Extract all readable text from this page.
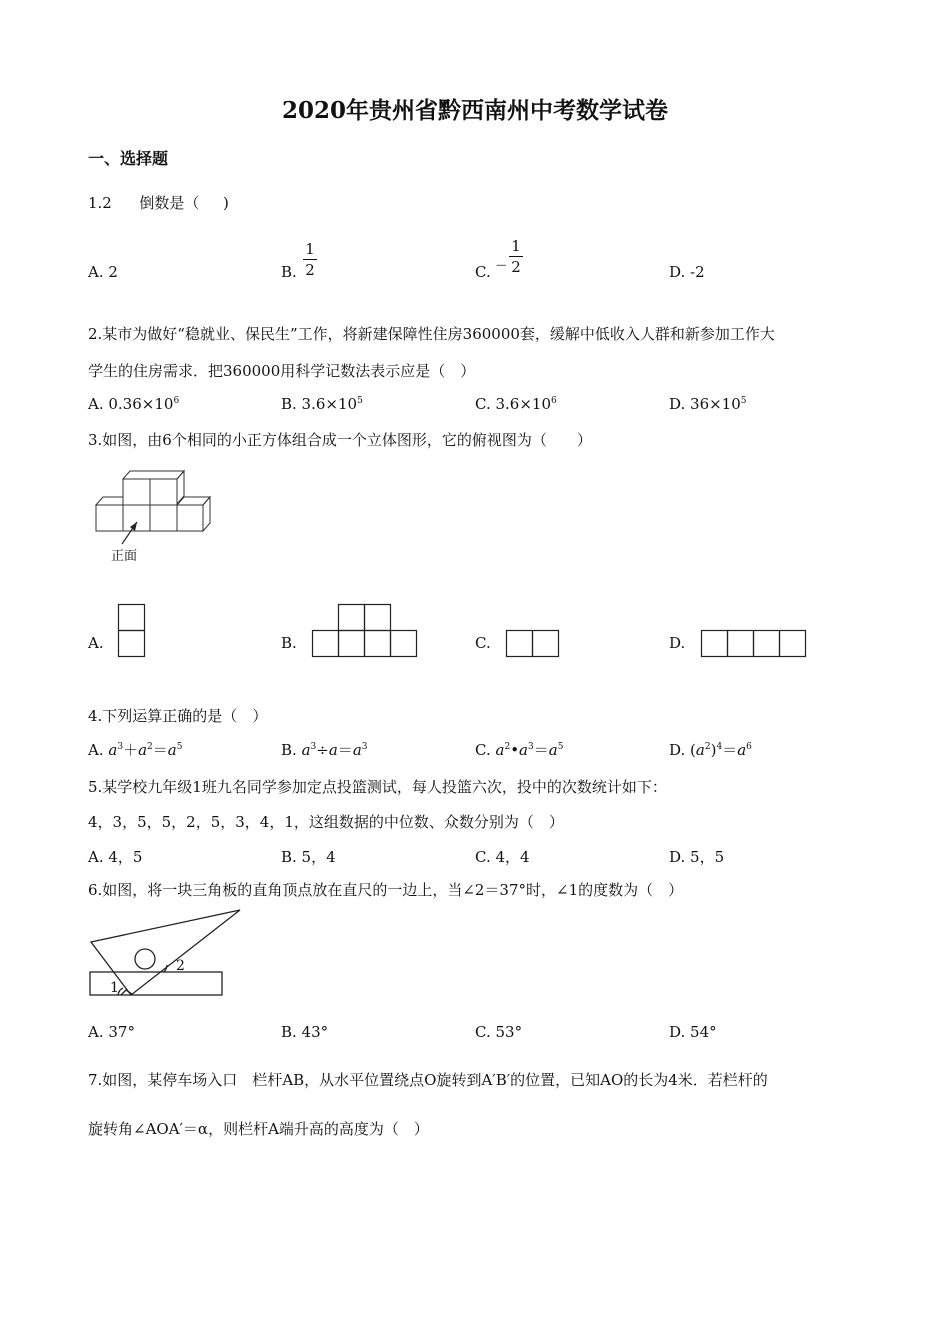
2020年贵州省黔西南州中考数学试卷
一、选择题
1.2 倒数是（ )
A. 2	B.
1
2	C. −
1
2	D. -2
2.某市为做好“稳就业、保民生”工作，将新建保障性住房360000套，缓解中低收入人群和新参加工作大
学生的住房需求．把360000用科学记数法表示应是（　）
A. $0.36\times 10^6$	B. $3.6\times 10^5$	C. $3.6\times 10^6$	D. $36\times 10^5$
3.如图，由6个相同的小正方体组合成一个立体图形，它的俯视图为（　　）
正面
A.	B.	C.	D.
4.下列运算正确的是（　）
A. $a^3+a^2=a^5$	B. $a^3\div a=a^3$	C. $a^2•a^3=a^5$	D. $(a^2)^4=a^6$
5.某学校九年级1班九名同学参加定点投篮测试，每人投篮六次，投中的次数统计如下：
4，3，5，5，2，5，3，4，1，这组数据的中位数、众数分别为（　）
A. 4，5	B. 5，4	C. 4，4	D. 5，5
6.如图，将一块三角板的直角顶点放在直尺的一边上，当∠2＝37°时，∠1的度数为（　）
2
1
A. 37°	B. 43°	C. 53°	D. 54°
7.如图，某停车场入口　栏杆AB，从水平位置绕点O旋转到A′B′的位置，已知AO的长为4米．若栏杆的
旋转角∠AOA′＝α，则栏杆A端升高的高度为（　）
